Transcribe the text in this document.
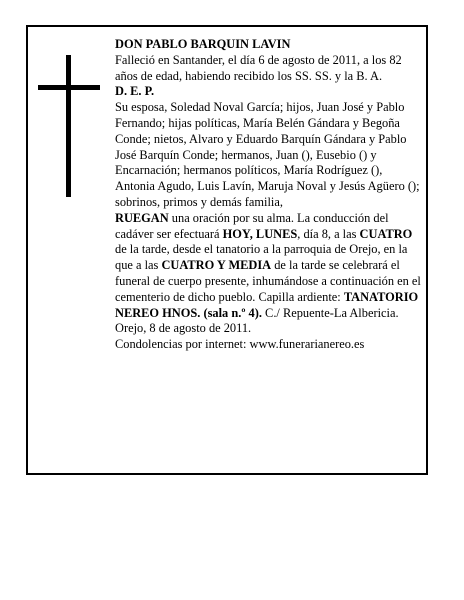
DON PABLO BARQUIN LAVIN

Falleció en Santander, el día 6 de agosto de 2011, a los 82 años de edad, habiendo recibido los SS. SS. y la B. A.

D. E. P.

Su esposa, Soledad Noval García; hijos, Juan José y Pablo Fernando; hijas políticas, María Belén Gándara y Begoña Conde; nietos, Alvaro y Eduardo Barquín Gándara y Pablo José Barquín Conde; hermanos, Juan (), Eusebio () y Encarnación; hermanos políticos, María Rodríguez (), Antonia Agudo, Luis Lavín, Maruja Noval y Jesús Agüero (); sobrinos, primos y demás familia,

RUEGAN una oración por su alma. La conducción del cadáver ser efectuará HOY, LUNES, día 8, a las CUATRO de la tarde, desde el tanatorio a la parroquia de Orejo, en la que a las CUATRO Y MEDIA de la tarde se celebrará el funeral de cuerpo presente, inhumándose a continuación en el cementerio de dicho pueblo. Capilla ardiente: TANATORIO NEREO HNOS. (sala n.º 4). C./ Repuente-La Albericia.

Orejo, 8 de agosto de 2011.

Condolencias por internet: www.funerarianereo.es
